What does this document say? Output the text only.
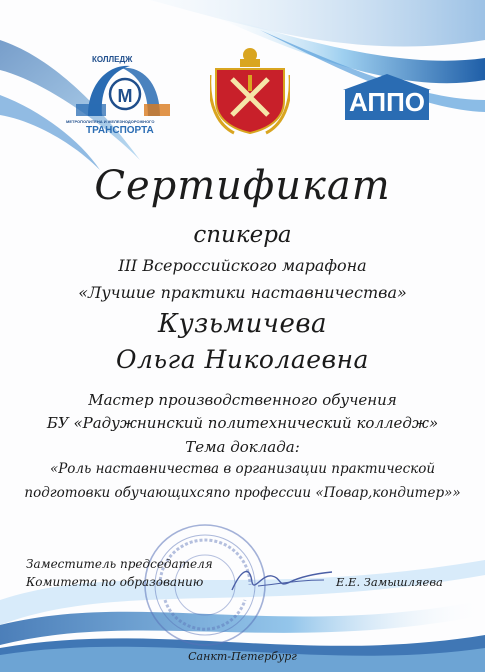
M
КОЛЛЕДЖ
МЕТРОПОЛИТЕНА И ЖЕЛЕЗНОДОРОЖНОГО
ТРАНСПОРТА
АППО
Сертификат
спикера
III Всероссийского марафона
«Лучшие практики наставничества»
Кузьмичева
Ольга Николаевна
Мастер производственного обучения
БУ «Радужнинский политехнический колледж»
Тема доклада:
«Роль наставничества в организации практической
подготовки обучающихсяпо профессии «Повар,кондитер»»
Заместитель председателя
Комитета по образованию	Е.Е. Замышляева
Санкт-Петербург
